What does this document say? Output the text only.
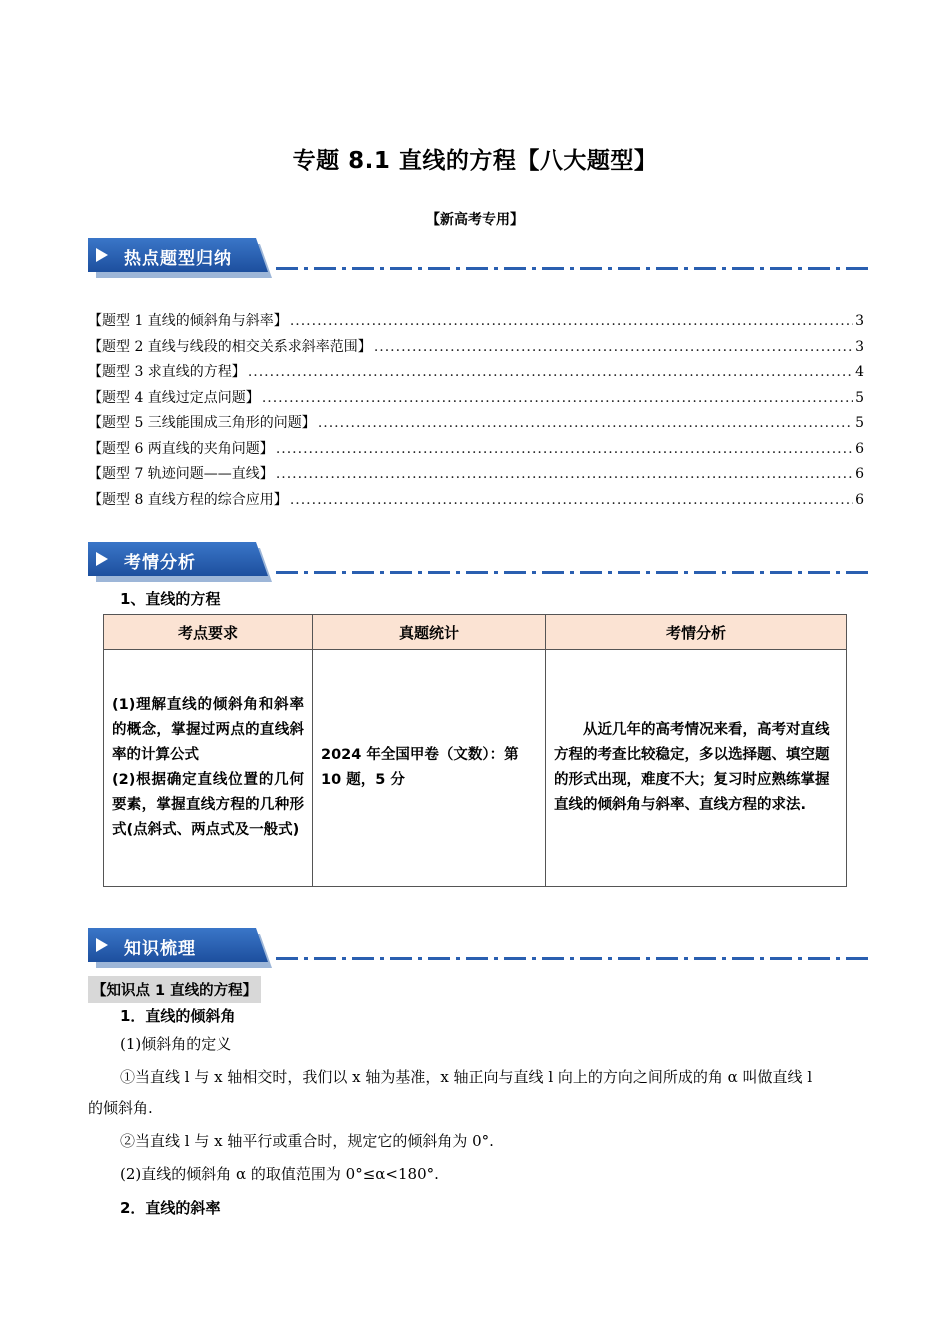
专题 8.1 直线的方程【八大题型】
【新高考专用】
热点题型归纳
【题型 1 直线的倾斜角与斜率】 .....	3
【题型 2 直线与线段的相交关系求斜率范围】 .....	3
【题型 3 求直线的方程】 .....	4
【题型 4 直线过定点问题】 .....	5
【题型 5 三线能围成三角形的问题】 .....	5
【题型 6 两直线的夹角问题】 .....	6
【题型 7 轨迹问题——直线】 .....	6
【题型 8 直线方程的综合应用】 .....	6
考情分析
1、直线的方程
考点要求	真题统计	考情分析
(1)理解直线的倾斜角和斜率的概念，掌握过两点的直线斜率的计算公式
(2)根据确定直线位置的几何要素，掌握直线方程的几种形式(点斜式、两点式及一般式)	2024 年全国甲卷（文数）：第 10 题，5 分	从近几年的高考情况来看，高考对直线方程的考查比较稳定，多以选择题、填空题的形式出现，难度不大；复习时应熟练掌握直线的倾斜角与斜率、直线方程的求法.
知识梳理
【知识点 1 直线的方程】
1．直线的倾斜角
(1)倾斜角的定义
①当直线 l 与 x 轴相交时，我们以 x 轴为基准，x 轴正向与直线 l 向上的方向之间所成的角 α 叫做直线 l
的倾斜角.
②当直线 l 与 x 轴平行或重合时，规定它的倾斜角为 0°.
(2)直线的倾斜角 α 的取值范围为 0°≤α<180°.
2．直线的斜率
